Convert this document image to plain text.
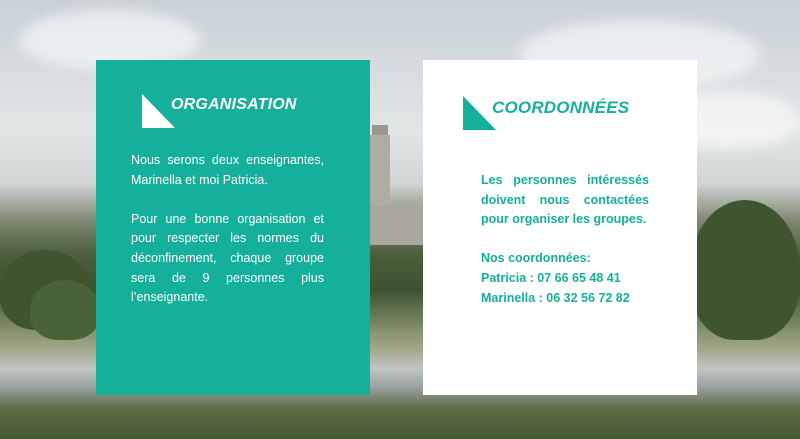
ORGANISATION

Nous serons deux enseignantes, Marinella et moi Patricia.

Pour une bonne organisation et pour respecter les normes du déconfinement, chaque groupe sera de 9 personnes plus l’enseignante.

COORDONNÉES

Les personnes intéressés doivent nous contactées pour organiser les groupes.

Nos coordonnées:
Patricia : 07 66 65 48 41
Marinella : 06 32 56 72 82
